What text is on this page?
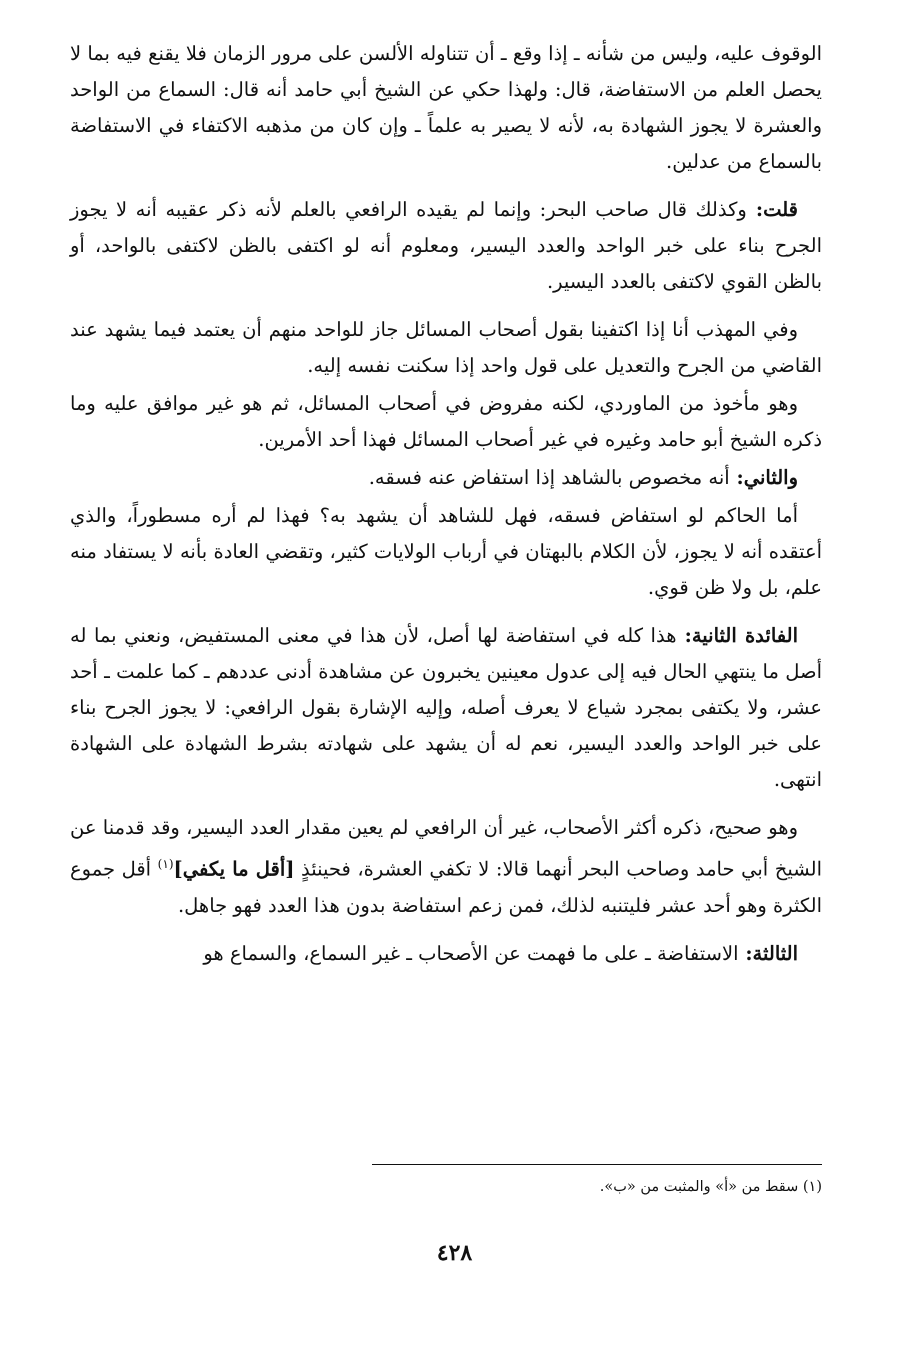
الوقوف عليه، وليس من شأنه ـ إذا وقع ـ أن تتناوله الألسن على مرور الزمان فلا يقنع فيه بما لا يحصل العلم من الاستفاضة، قال: ولهذا حكي عن الشيخ أبي حامد أنه قال: السماع من الواحد والعشرة لا يجوز الشهادة به، لأنه لا يصير به علماً ـ وإن كان من مذهبه الاكتفاء في الاستفاضة بالسماع من عدلين.

قلت: وكذلك قال صاحب البحر: وإنما لم يقيده الرافعي بالعلم لأنه ذكر عقيبه أنه لا يجوز الجرح بناء على خبر الواحد والعدد اليسير، ومعلوم أنه لو اكتفى بالظن لاكتفى بالواحد، أو بالظن القوي لاكتفى بالعدد اليسير.

وفي المهذب أنا إذا اكتفينا بقول أصحاب المسائل جاز للواحد منهم أن يعتمد فيما يشهد عند القاضي من الجرح والتعديل على قول واحد إذا سكنت نفسه إليه.

وهو مأخوذ من الماوردي، لكنه مفروض في أصحاب المسائل، ثم هو غير موافق عليه وما ذكره الشيخ أبو حامد وغيره في غير أصحاب المسائل فهذا أحد الأمرين.

والثاني: أنه مخصوص بالشاهد إذا استفاض عنه فسقه.

أما الحاكم لو استفاض فسقه، فهل للشاهد أن يشهد به؟ فهذا لم أره مسطوراً، والذي أعتقده أنه لا يجوز، لأن الكلام بالبهتان في أرباب الولايات كثير، وتقضي العادة بأنه لا يستفاد منه علم، بل ولا ظن قوي.

الفائدة الثانية: هذا كله في استفاضة لها أصل، لأن هذا في معنى المستفيض، ونعني بما له أصل ما ينتهي الحال فيه إلى عدول معينين يخبرون عن مشاهدة أدنى عددهم ـ كما علمت ـ أحد عشر، ولا يكتفى بمجرد شياع لا يعرف أصله، وإليه الإشارة بقول الرافعي: لا يجوز الجرح بناء على خبر الواحد والعدد اليسير، نعم له أن يشهد على شهادته بشرط الشهادة على الشهادة انتهى.

وهو صحيح، ذكره أكثر الأصحاب، غير أن الرافعي لم يعين مقدار العدد اليسير، وقد قدمنا عن الشيخ أبي حامد وصاحب البحر أنهما قالا: لا تكفي العشرة، فحينئذٍ [أقل ما يكفي]$^{(١)}$ أقل جموع الكثرة وهو أحد عشر فليتنبه لذلك، فمن زعم استفاضة بدون هذا العدد فهو جاهل.

الثالثة: الاستفاضة ـ على ما فهمت عن الأصحاب ـ غير السماع، والسماع هو

(١) سقط من «أ» والمثبت من «ب».
٤٢٨
